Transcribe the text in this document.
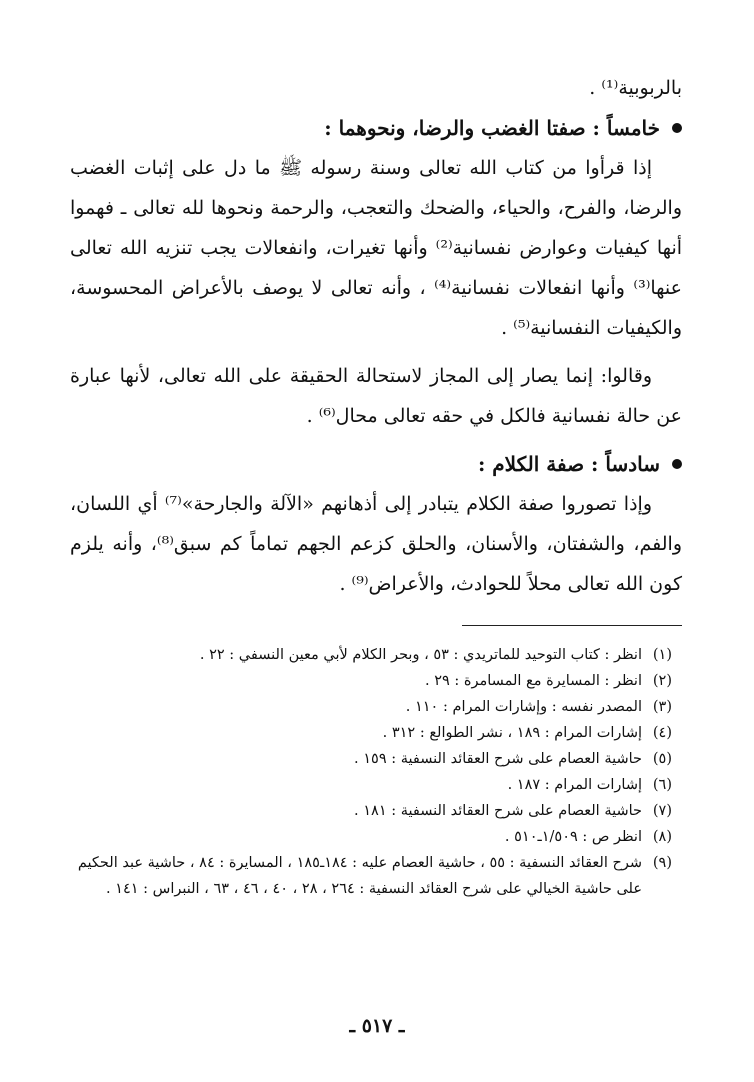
بالربوبية⁽¹⁾ .

خامساً : صفتا الغضب والرضا، ونحوهما :

إذا قرأوا من كتاب الله تعالى وسنة رسوله ﷺ ما دل على إثبات الغضب والرضا، والفرح، والحياء، والضحك والتعجب، والرحمة ونحوها لله تعالى ـ فهموا أنها كيفيات وعوارض نفسانية⁽²⁾ وأنها تغيرات، وانفعالات يجب تنزيه الله تعالى عنها⁽³⁾ وأنها انفعالات نفسانية⁽⁴⁾ ، وأنه تعالى لا يوصف بالأعراض المحسوسة، والكيفيات النفسانية⁽⁵⁾ .

وقالوا: إنما يصار إلى المجاز لاستحالة الحقيقة على الله تعالى، لأنها عبارة عن حالة نفسانية فالكل في حقه تعالى محال⁽⁶⁾ .

سادساً : صفة الكلام :

وإذا تصوروا صفة الكلام يتبادر إلى أذهانهم «الآلة والجارحة»⁽⁷⁾ أي اللسان، والفم، والشفتان، والأسنان، والحلق كزعم الجهم تماماً كم سبق⁽⁸⁾، وأنه يلزم كون الله تعالى محلاً للحوادث، والأعراض⁽⁹⁾ .

(١)
انظر : كتاب التوحيد للماتريدي : ٥٣ ، وبحر الكلام لأبي معين النسفي : ٢٢ .
(٢)
انظر : المسايرة مع المسامرة : ٢٩ .
(٣)
المصدر نفسه : وإشارات المرام : ١١٠ .
(٤)
إشارات المرام : ١٨٩ ، نشر الطوالع : ٣١٢ .
(٥)
حاشية العصام على شرح العقائد النسفية : ١٥٩ .
(٦)
إشارات المرام : ١٨٧ .
(٧)
حاشية العصام على شرح العقائد النسفية : ١٨١ .
(٨)
انظر ص : ١/٥٠٩ـ٥١٠ .
(٩)
شرح العقائد النسفية : ٥٥ ، حاشية العصام عليه : ١٨٤ـ١٨٥ ، المسايرة : ٨٤ ، حاشية عبد الحكيم على حاشية الخيالي على شرح العقائد النسفية : ٢٦٤ ، ٢٨ ، ٤٠ ، ٤٦ ، ٦٣ ، النبراس : ١٤١ .
ـ ٥١٧ ـ
